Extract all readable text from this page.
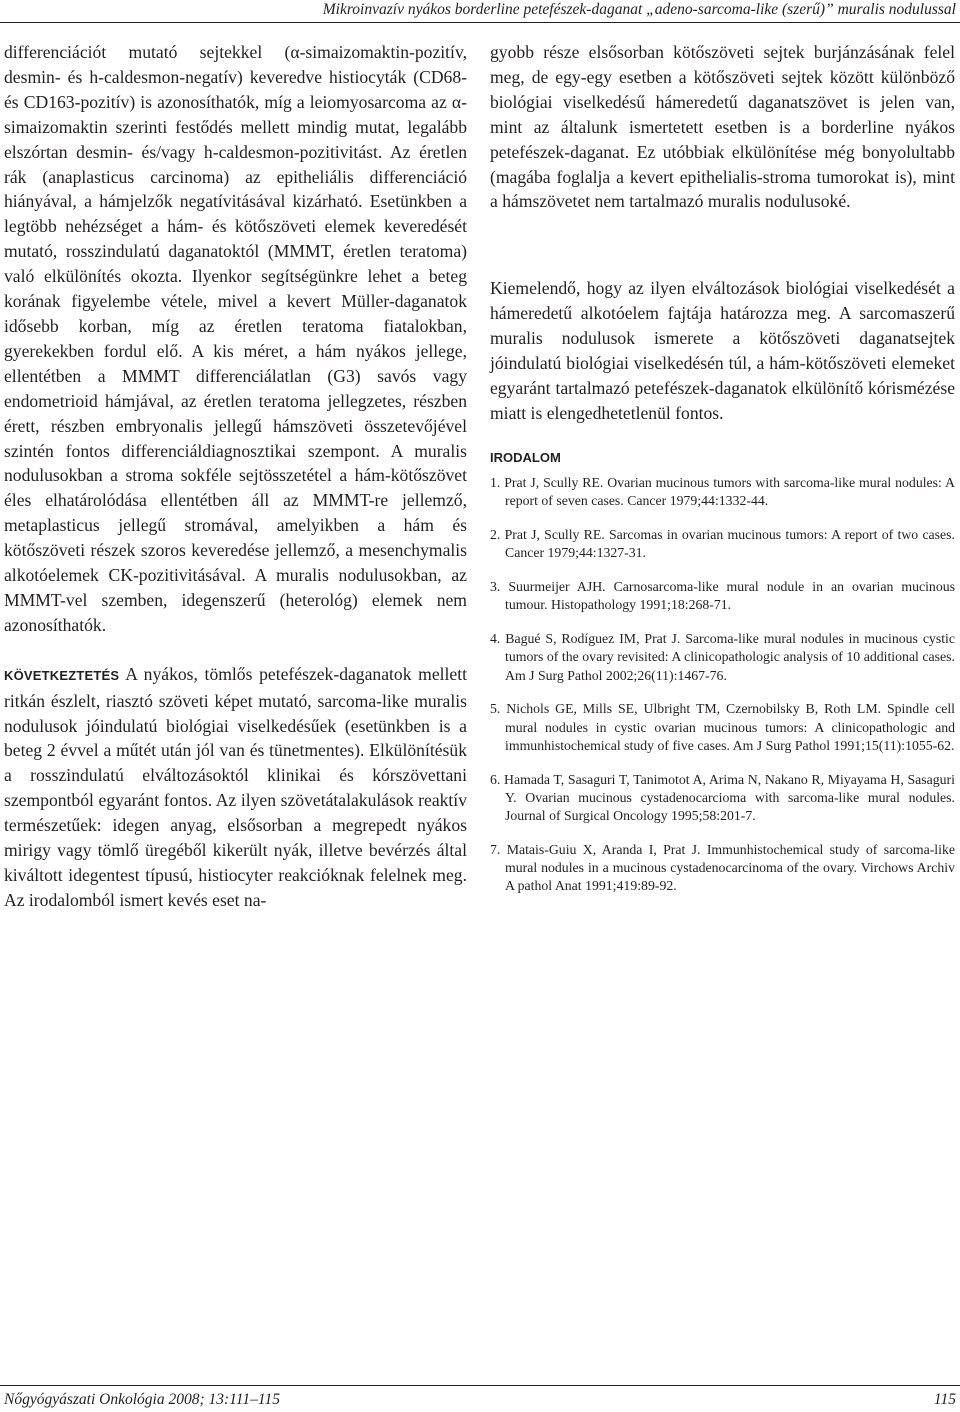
Mikroinvazív nyákos borderline petefészek-daganat „adeno-sarcoma-like (szerű)” muralis nodulussal

differenciációt mutató sejtekkel (α-simaizomaktin-pozitív, desmin- és h-caldesmon-negatív) keveredve histiocyták (CD68- és CD163-pozitív) is azonosíthatók, míg a leiomyosarcoma az α-simaizomaktin szerinti festődés mellett mindig mutat, legalább elszórtan desmin- és/vagy h-caldesmon-pozitivitást. Az éretlen rák (anaplasticus carcinoma) az epitheliális differenciáció hiányával, a hámjelzők negatívitásával kizárható. Esetünkben a legtöbb nehézséget a hám- és kötőszöveti elemek keveredését mutató, rosszindulatú daganatoktól (MMMT, éretlen teratoma) való elkülönítés okozta. Ilyenkor segítségünkre lehet a beteg korának figyelembe vétele, mivel a kevert Müller-daganatok idősebb korban, míg az éretlen teratoma fiatalokban, gyerekekben fordul elő. A kis méret, a hám nyákos jellege, ellentétben a MMMT differenciálatlan (G3) savós vagy endometrioid hámjával, az éretlen teratoma jellegzetes, részben érett, részben embryonalis jellegű hámszöveti összetevőjével szintén fontos differenciáldiagnosztikai szempont. A muralis nodulusokban a stroma sokféle sejtösszetétel a hám-kötőszövet éles elhatárolódása ellentétben áll az MMMT-re jellemző, metaplasticus jellegű stromával, amelyikben a hám és kötőszöveti részek szoros keveredése jellemző, a mesenchymalis alkotóelemek CK-pozitivitásával. A muralis nodulusokban, az MMMT-vel szemben, idegenszerű (heterológ) elemek nem azonosíthatók.

KÖVETKEZTETÉS A nyákos, tömlős petefészek-daganatok mellett ritkán észlelt, riasztó szöveti képet mutató, sarcoma-like muralis nodulusok jóindulatú biológiai viselkedésűek (esetünkben is a beteg 2 évvel a műtét után jól van és tünetmentes). Elkülönítésük a rosszindulatú elváltozásoktól klinikai és kórszövettani szempontból egyaránt fontos. Az ilyen szövetátalakulások reaktív természetűek: idegen anyag, elsősorban a megrepedt nyákos mirigy vagy tömlő üregéből kikerült nyák, illetve bevérzés által kiváltott idegentest típusú, histiocyter reakcióknak felelnek meg. Az irodalomból ismert kevés eset na-

gyobb része elsősorban kötőszöveti sejtek burjánzásának felel meg, de egy-egy esetben a kötőszöveti sejtek között különböző biológiai viselkedésű hámeredetű daganatszövet is jelen van, mint az általunk ismertetett esetben is a borderline nyákos petefészek-daganat. Ez utóbbiak elkülönítése még bonyolultabb (magába foglalja a kevert epithelialis-stroma tumorokat is), mint a hámszövetet nem tartalmazó muralis nodulusoké.

Kiemelendő, hogy az ilyen elváltozások biológiai viselkedését a hámeredetű alkotóelem fajtája határozza meg. A sarcomaszerű muralis nodulusok ismerete a kötőszöveti daganatsejtek jóindulatú biológiai viselkedésén túl, a hám-kötőszöveti elemeket egyaránt tartalmazó petefészek-daganatok elkülönítő kórismézése miatt is elengedhetetlenül fontos.

IRODALOM
1. Prat J, Scully RE. Ovarian mucinous tumors with sarcoma-like mural nodules: A report of seven cases. Cancer 1979;44:1332-44.
2. Prat J, Scully RE. Sarcomas in ovarian mucinous tumors: A report of two cases. Cancer 1979;44:1327-31.
3. Suurmeijer AJH. Carnosarcoma-like mural nodule in an ovarian mucinous tumour. Histopathology 1991;18:268-71.
4. Bagué S, Rodíguez IM, Prat J. Sarcoma-like mural nodules in mucinous cystic tumors of the ovary revisited: A clinicopathologic analysis of 10 additional cases. Am J Surg Pathol 2002;26(11):1467-76.
5. Nichols GE, Mills SE, Ulbright TM, Czernobilsky B, Roth LM. Spindle cell mural nodules in cystic ovarian mucinous tumors: A clinicopathologic and immunhistochemical study of five cases. Am J Surg Pathol 1991;15(11):1055-62.
6. Hamada T, Sasaguri T, Tanimotot A, Arima N, Nakano R, Miyayama H, Sasaguri Y. Ovarian mucinous cystadenocarcioma with sarcoma-like mural nodules. Journal of Surgical Oncology 1995;58:201-7.
7. Matais-Guiu X, Aranda I, Prat J. Immunhistochemical study of sarcoma-like mural nodules in a mucinous cystadenocarcinoma of the ovary. Virchows Archiv A pathol Anat 1991;419:89-92.
Nőgyógyászati Onkológia 2008; 13:111–115	115
